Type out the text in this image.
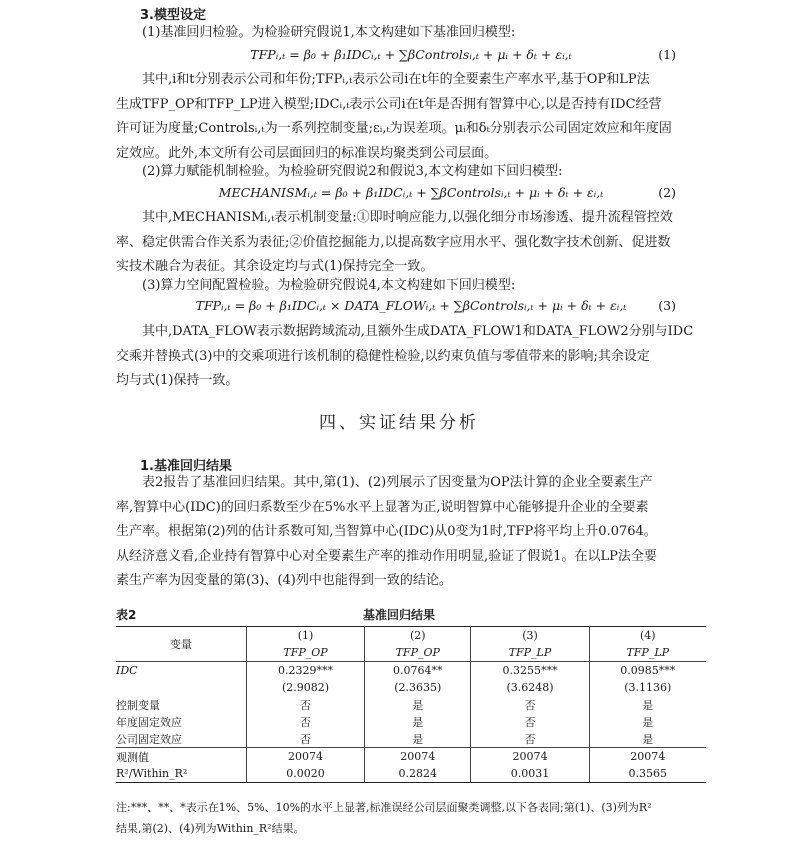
3.模型设定
(1)基准回归检验。为检验研究假说1,本文构建如下基准回归模型:
TFPᵢ,ₜ = β₀ + β₁IDCᵢ,ₜ + ∑βControlsᵢ,ₜ + μᵢ + δₜ + εᵢ,ₜ	(1)
其中,i和t分别表示公司和年份;TFPᵢ,ₜ表示公司i在t年的全要素生产率水平,基于OP和LP法
生成TFP_OP和TFP_LP进入模型;IDCᵢ,ₜ表示公司i在t年是否拥有智算中心,以是否持有IDC经营
许可证为度量;Controlsᵢ,ₜ为一系列控制变量;εᵢ,ₜ为误差项。μᵢ和δₜ分别表示公司固定效应和年度固
定效应。此外,本文所有公司层面回归的标准误均聚类到公司层面。
(2)算力赋能机制检验。为检验研究假说2和假说3,本文构建如下回归模型:
MECHANISMᵢ,ₜ = β₀ + β₁IDCᵢ,ₜ + ∑βControlsᵢ,ₜ + μᵢ + δₜ + εᵢ,ₜ	(2)
其中,MECHANISMᵢ,ₜ表示机制变量:①即时响应能力,以强化细分市场渗透、提升流程管控效
率、稳定供需合作关系为表征;②价值挖掘能力,以提高数字应用水平、强化数字技术创新、促进数
实技术融合为表征。其余设定均与式(1)保持完全一致。
(3)算力空间配置检验。为检验研究假说4,本文构建如下回归模型:
TFPᵢ,ₜ = β₀ + β₁IDCᵢ,ₜ × DATA_FLOWᵢ,ₜ + ∑βControlsᵢ,ₜ + μᵢ + δₜ + εᵢ,ₜ	(3)
其中,DATA_FLOW表示数据跨域流动,且额外生成DATA_FLOW1和DATA_FLOW2分别与IDC
交乘并替换式(3)中的交乘项进行该机制的稳健性检验,以约束负值与零值带来的影响;其余设定
均与式(1)保持一致。
四、实证结果分析
1.基准回归结果
表2报告了基准回归结果。其中,第(1)、(2)列展示了因变量为OP法计算的企业全要素生产
率,智算中心(IDC)的回归系数至少在5%水平上显著为正,说明智算中心能够提升企业的全要素
生产率。根据第(2)列的估计系数可知,当智算中心(IDC)从0变为1时,TFP将平均上升0.0764。
从经济意义看,企业持有智算中心对全要素生产率的推动作用明显,验证了假说1。在以LP法全要
素生产率为因变量的第(3)、(4)列中也能得到一致的结论。
表2	基准回归结果
变量	(1)	(2)	(3)	(4)
	TFP_OP	TFP_OP	TFP_LP	TFP_LP
IDC	0.2329***	0.0764**	0.3255***	0.0985***
	(2.9082)	(2.3635)	(3.6248)	(3.1136)
控制变量	否	是	否	是
年度固定效应	否	是	否	是
公司固定效应	否	是	否	是
观测值	20074	20074	20074	20074
R²/Within_R²	0.0020	0.2824	0.0031	0.3565
注:***、**、*表示在1%、5%、10%的水平上显著,标准误经公司层面聚类调整,以下各表同;第(1)、(3)列为R²
结果,第(2)、(4)列为Within_R²结果。
